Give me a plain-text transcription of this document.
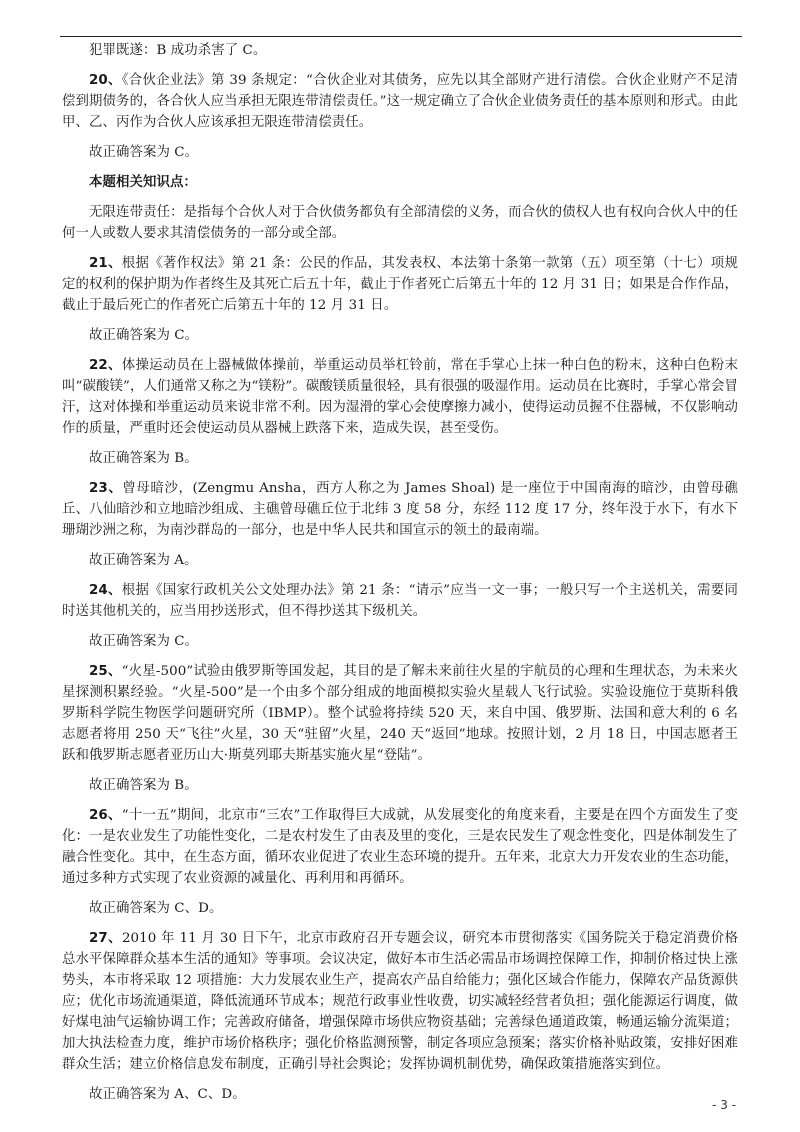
犯罪既遂：B 成功杀害了 C。

20、《合伙企业法》第 39 条规定：“合伙企业对其债务，应先以其全部财产进行清偿。合伙企业财产不足清偿到期债务的，各合伙人应当承担无限连带清偿责任。”这一规定确立了合伙企业债务责任的基本原则和形式。由此甲、乙、丙作为合伙人应该承担无限连带清偿责任。

故正确答案为 C。

本题相关知识点：

无限连带责任：是指每个合伙人对于合伙债务都负有全部清偿的义务，而合伙的债权人也有权向合伙人中的任何一人或数人要求其清偿债务的一部分或全部。

21、根据《著作权法》第 21 条：公民的作品，其发表权、本法第十条第一款第（五）项至第（十七）项规定的权利的保护期为作者终生及其死亡后五十年，截止于作者死亡后第五十年的 12 月 31 日；如果是合作作品，截止于最后死亡的作者死亡后第五十年的 12 月 31 日。

故正确答案为 C。

22、体操运动员在上器械做体操前，举重运动员举杠铃前，常在手掌心上抹一种白色的粉末，这种白色粉末叫“碳酸镁”，人们通常又称之为“镁粉”。碳酸镁质量很轻，具有很强的吸湿作用。运动员在比赛时，手掌心常会冒汗，这对体操和举重运动员来说非常不利。因为湿滑的掌心会使摩擦力减小，使得运动员握不住器械，不仅影响动作的质量，严重时还会使运动员从器械上跌落下来，造成失误，甚至受伤。

故正确答案为 B。

23、曾母暗沙，(Zengmu Ansha，西方人称之为 James Shoal) 是一座位于中国南海的暗沙，由曾母礁丘、八仙暗沙和立地暗沙组成、主礁曾母礁丘位于北纬 3 度 58 分，东经 112 度 17 分，终年没于水下，有水下珊瑚沙洲之称，为南沙群岛的一部分，也是中华人民共和国宣示的领土的最南端。

故正确答案为 A。

24、根据《国家行政机关公文处理办法》第 21 条：“请示”应当一文一事；一般只写一个主送机关，需要同时送其他机关的，应当用抄送形式，但不得抄送其下级机关。

故正确答案为 C。

25、“火星-500”试验由俄罗斯等国发起，其目的是了解未来前往火星的宇航员的心理和生理状态，为未来火星探测积累经验。“火星-500”是一个由多个部分组成的地面模拟实验火星载人飞行试验。实验设施位于莫斯科俄罗斯科学院生物医学问题研究所（IBMP）。整个试验将持续 520 天，来自中国、俄罗斯、法国和意大利的 6 名志愿者将用 250 天“飞往”火星，30 天“驻留”火星，240 天“返回”地球。按照计划，2 月 18 日，中国志愿者王跃和俄罗斯志愿者亚历山大·斯莫列耶夫斯基实施火星“登陆”。

故正确答案为 B。

26、“十一五”期间，北京市“三农”工作取得巨大成就，从发展变化的角度来看，主要是在四个方面发生了变化：一是农业发生了功能性变化，二是农村发生了由表及里的变化，三是农民发生了观念性变化，四是体制发生了融合性变化。其中，在生态方面，循环农业促进了农业生态环境的提升。五年来，北京大力开发农业的生态功能，通过多种方式实现了农业资源的减量化、再利用和再循环。

故正确答案为 C、D。

27、2010 年 11 月 30 日下午，北京市政府召开专题会议，研究本市贯彻落实《国务院关于稳定消费价格总水平保障群众基本生活的通知》等事项。会议决定，做好本市生活必需品市场调控保障工作，抑制价格过快上涨势头，本市将采取 12 项措施：大力发展农业生产，提高农产品自给能力；强化区域合作能力，保障农产品货源供应；优化市场流通渠道，降低流通环节成本；规范行政事业性收费，切实减轻经营者负担；强化能源运行调度，做好煤电油气运输协调工作；完善政府储备，增强保障市场供应物资基础；完善绿色通道政策，畅通运输分流渠道；加大执法检查力度，维护市场价格秩序；强化价格监测预警，制定各项应急预案；落实价格补贴政策，安排好困难群众生活；建立价格信息发布制度，正确引导社会舆论；发挥协调机制优势，确保政策措施落实到位。

故正确答案为 A、C、D。

- 3 -
